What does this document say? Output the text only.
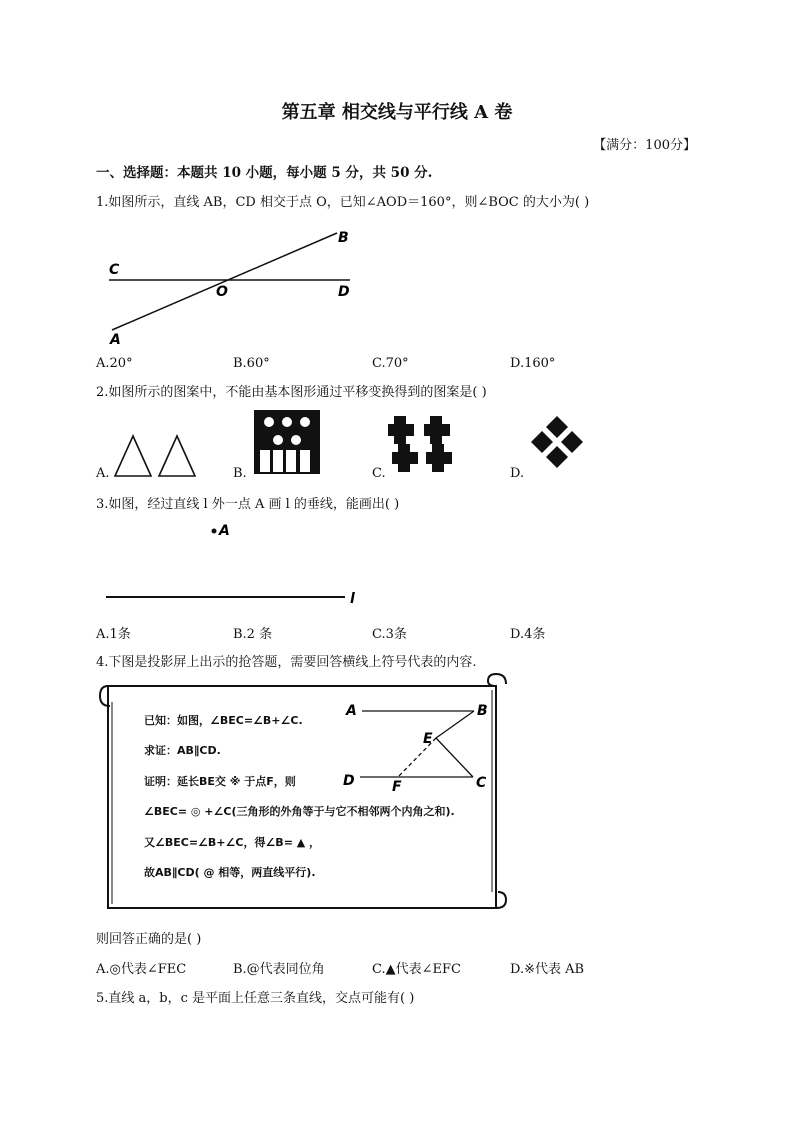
第五章 相交线与平行线 A 卷
【满分：100分】
一、选择题：本题共 10 小题，每小题 5 分，共 50 分.
1.如图所示，直线 AB，CD 相交于点 O，已知∠AOD＝160°，则∠BOC 的大小为( )
C
B
O	D
A
A.20°	B.60°	C.70°	D.160°
2.如图所示的图案中，不能由基本图形通过平移变换得到的图案是( )
A.	B.	C.	D.
3.如图，经过直线 l 外一点 A 画 l 的垂线，能画出( )
A
l
A.1条	B.2 条	C.3条	D.4条
4.下图是投影屏上出示的抢答题，需要回答横线上符号代表的内容.
已知：如图，∠BEC=∠B+∠C.
求证：AB∥CD.
证明：延长BE交 ※ 于点F，则
∠BEC= ◎ +∠C(三角形的外角等于与它不相邻两个内角之和).
又∠BEC=∠B+∠C，得∠B= ▲ ，
故AB∥CD( @ 相等，两直线平行).
A	B
E
D	F	C
则回答正确的是( )
A.◎代表∠FEC	B.@代表同位角	C.▲代表∠EFC	D.※代表 AB
5.直线 a，b，c 是平面上任意三条直线，交点可能有( )
